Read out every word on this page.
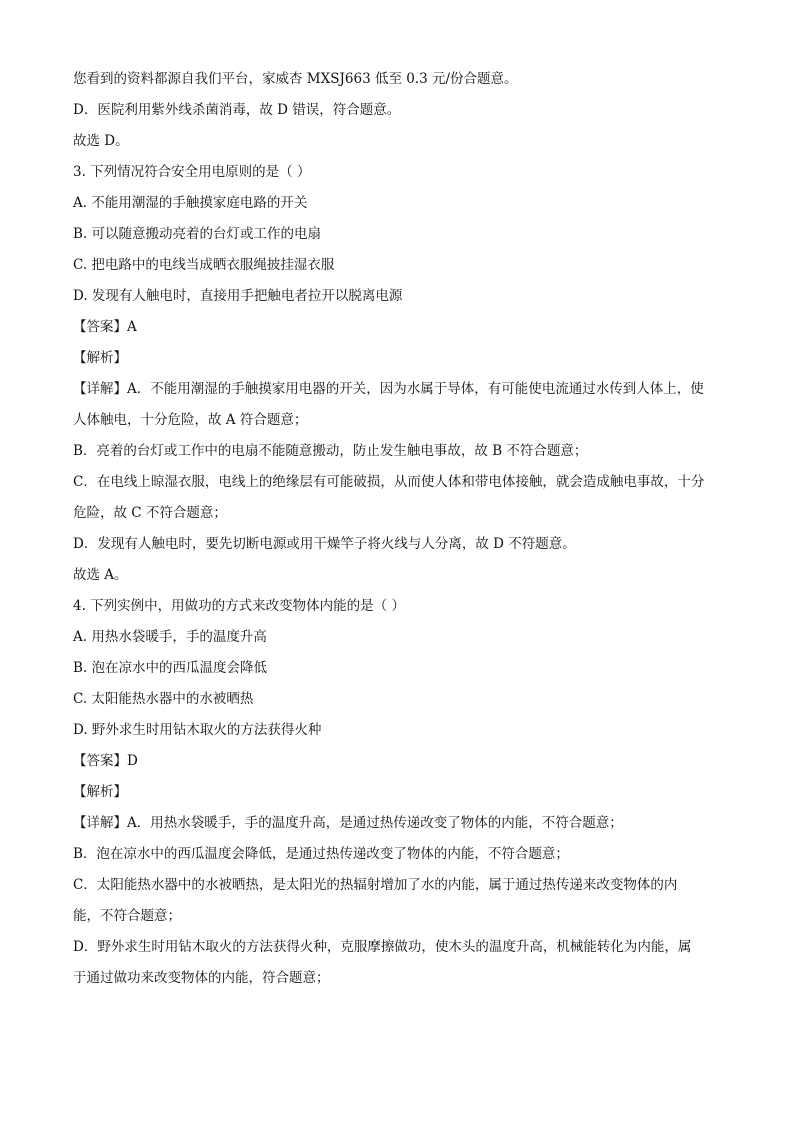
您看到的资料都源自我们平台，家威杏 MXSJ663 低至 0.3 元/份合题意。

D．医院利用紫外线杀菌消毒，故 D 错误，符合题意。

故选 D。

3. 下列情况符合安全用电原则的是（ ）

A. 不能用潮湿的手触摸家庭电路的开关

B. 可以随意搬动亮着的台灯或工作的电扇

C. 把电路中的电线当成晒衣服绳披挂湿衣服

D. 发现有人触电时，直接用手把触电者拉开以脱离电源

【答案】A

【解析】

【详解】A．不能用潮湿的手触摸家用电器的开关，因为水属于导体，有可能使电流通过水传到人体上，使

人体触电，十分危险，故 A 符合题意；

B．亮着的台灯或工作中的电扇不能随意搬动，防止发生触电事故，故 B 不符合题意；

C．在电线上晾湿衣服，电线上的绝缘层有可能破损，从而使人体和带电体接触，就会造成触电事故，十分

危险，故 C 不符合题意；

D．发现有人触电时，要先切断电源或用干燥竿子将火线与人分离，故 D 不符题意。

故选 A。

4. 下列实例中，用做功的方式来改变物体内能的是（ ）

A. 用热水袋暖手，手的温度升高

B. 泡在凉水中的西瓜温度会降低

C. 太阳能热水器中的水被晒热

D. 野外求生时用钻木取火的方法获得火种

【答案】D

【解析】

【详解】A．用热水袋暖手，手的温度升高，是通过热传递改变了物体的内能，不符合题意；

B．泡在凉水中的西瓜温度会降低，是通过热传递改变了物体的内能，不符合题意；

C．太阳能热水器中的水被晒热，是太阳光的热辐射增加了水的内能，属于通过热传递来改变物体的内

能，不符合题意；

D．野外求生时用钻木取火的方法获得火种，克服摩擦做功，使木头的温度升高，机械能转化为内能，属

于通过做功来改变物体的内能，符合题意；
